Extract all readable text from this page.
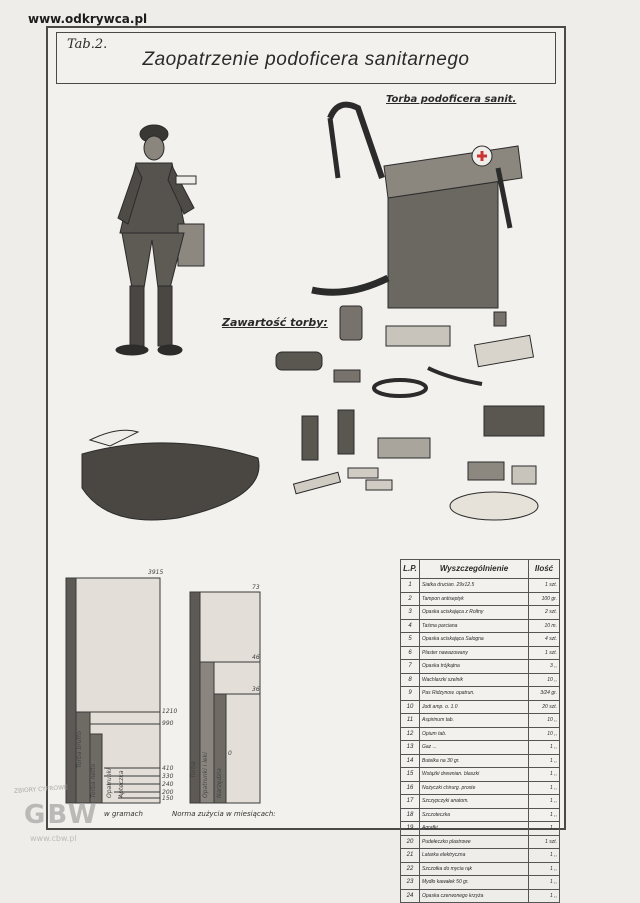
www.odkrywca.pl
Tab.2.
Zaopatrzenie podoficera sanitarnego
Torba podoficera sanit.
Zawartość torby:
3915
1210
990
410
330
240
200
150
Torba brutto
Torba netto Opatrunki Apteczka
w gramach
73
46
36
0
Torba Opatrunki i leki Narzędzia
Norma zużycia w miesiącach:
L.P.	Wyszczególnienie	Ilość
1	Siatka drucian. 29x12.5	1 szt.
2	Tampon antiseptyk	100 gr.
3	Opaska uciskająca z Roltny	2 szt.
4	Taśma parciana	10 m.
5	Opaska uciskająca Salogna	4 szt.
6	Plaster nawazowany	1 szt.
7	Opaska trójkątna	3 ,,
8	Wachlarzki szelnik	10 ,,
9	Pas Ridzynow. opatrun.	3/24 gr.
10	Jodi amp. o. 1.0	20 szt.
11	Aspirinum tab.	10 ,,
12	Opium tab.	10 ,,
13	Gaz ...	1 ,,
14	Butelka na 30 gr.	1 ,,
15	Wstążki drewnian. blaszki	1 ,,
16	Nożyczki chirurg. proste	1 ,,
17	Szczypczyki anatom.	1 ,,
18	Szczoteczka	1 ,,
19	Agrafki	1 ,,
20	Pudełeczko plastrowe	1 szt.
21	Latarka elektryczna	1 ,,
22	Szczotka do mycia rąk	1 ,,
23	Mydło kawałek 50 gr.	1 ,,
24	Opaska czerwonego krzyża	1 ,,
ZBIORY CYFROWE
GBW
www.cbw.pl
